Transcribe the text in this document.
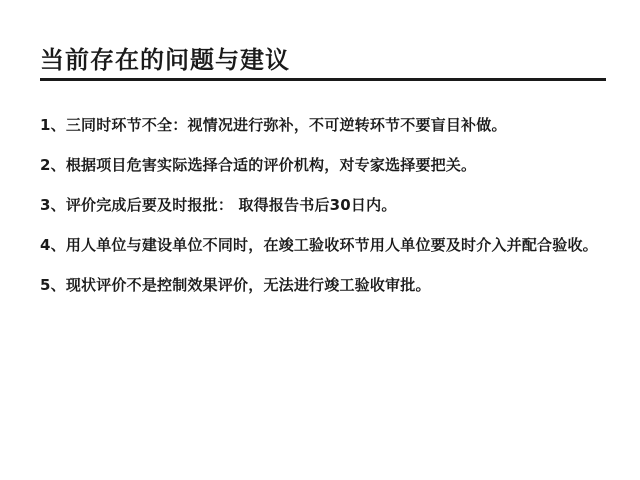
当前存在的问题与建议
1、三同时环节不全：视情况进行弥补，不可逆转环节不要盲目补做。
2、根据项目危害实际选择合适的评价机构，对专家选择要把关。
3、评价完成后要及时报批： 取得报告书后30日内。
4、用人单位与建设单位不同时，在竣工验收环节用人单位要及时介入并配合验收。
5、现状评价不是控制效果评价，无法进行竣工验收审批。
